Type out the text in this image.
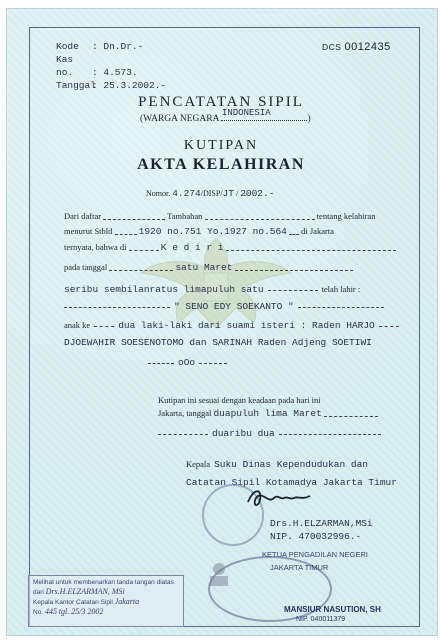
Kode : Dn.Dr.-
Kas no. : 4.573.
Tanggal: 25.3.2002.-
DCS 0012435
PENCATATAN SIPIL
(WARGA NEGARA	)
INDONESIA
KUTIPAN
AKTA KELAHIRAN
Nomor. 4.274/DISP/JT / 2002.-
Dari daftar	Tambahan	tentang kelahiran
menurut Stbld	1920 no.751 Yo.1927 no.564 di Jakarta
ternyata, bahwa di	K e d i r i
pada tanggal	satu Maret
seribu sembilanratus limapuluh satu	telah lahir :
" SENO EDY SOEKANTO "
anak ke	dua laki-laki dari suami isteri : Raden HARJO
DJOEWAHIR SOESENOTOMO dan SARINAH Raden Adjeng SOETIWI
oOo
Kutipan ini sesuai dengan keadaan pada hari ini
Jakarta, tanggal duapuluh lima Maret
duaribu dua
Kepala Suku Dinas Kependudukan dan
Catatan Sipil Kotamadya Jakarta Timur
Drs.H.ELZARMAN,MSi
NIP. 470032996.-
KETUA PENGADILAN NEGERI
JAKARTA TIMUR
MANSIUR NASUTION, SH
NIP. 040011379
Melihat untuk membenarkan tanda tangan diatas
dari Drs.H.ELZARMAN, MSi
Kepala Kantor Catatan Sipil Jakarta
No. 445 tgl. 25/3 2002
